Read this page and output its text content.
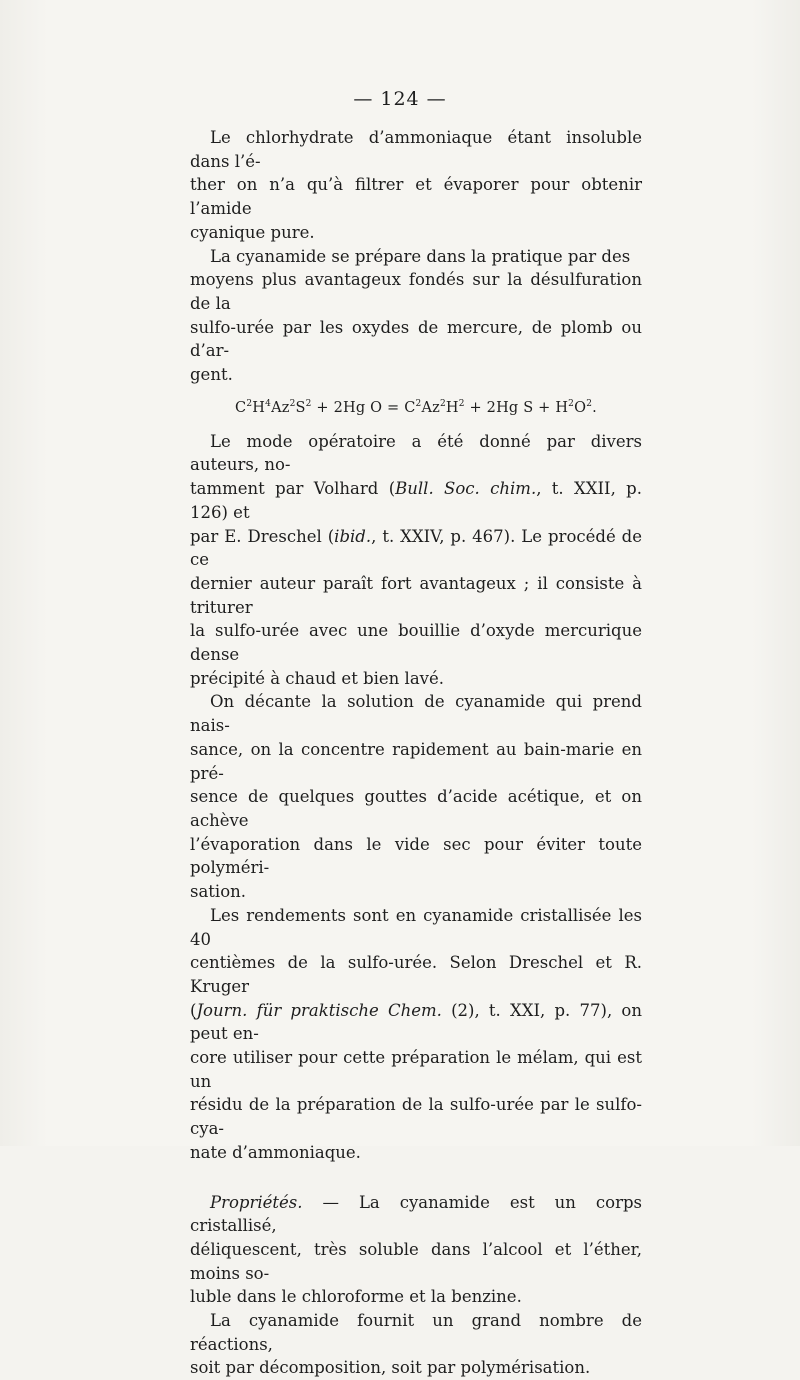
— 124 —
Le chlorhydrate d’ammoniaque étant insoluble dans l’é-
ther on n’a qu’à filtrer et évaporer pour obtenir l’amide
cyanique pure.
La cyanamide se prépare dans la pratique par des
moyens plus avantageux fondés sur la désulfuration de la
sulfo-urée par les oxydes de mercure, de plomb ou d’ar-
gent.
$C^2H^4Az^2S^2 + 2Hg$ $O = C^2Az^2H^2 + 2Hg$ $S + H^2O^2$.
Le mode opératoire a été donné par divers auteurs, no-
tamment par Volhard (Bull. Soc. chim., t. XXII, p. 126) et
par E. Dreschel (ibid., t. XXIV, p. 467). Le procédé de ce
dernier auteur paraît fort avantageux ; il consiste à triturer
la sulfo-urée avec une bouillie d’oxyde mercurique dense
précipité à chaud et bien lavé.
On décante la solution de cyanamide qui prend nais-
sance, on la concentre rapidement au bain-marie en pré-
sence de quelques gouttes d’acide acétique, et on achève
l’évaporation dans le vide sec pour éviter toute polyméri-
sation.
Les rendements sont en cyanamide cristallisée les 40
centièmes de la sulfo-urée. Selon Dreschel et R. Kruger
(Journ. für praktische Chem. (2), t. XXI, p. 77), on peut en-
core utiliser pour cette préparation le mélam, qui est un
résidu de la préparation de la sulfo-urée par le sulfo-cya-
nate d’ammoniaque.
Propriétés. — La cyanamide est un corps cristallisé,
déliquescent, très soluble dans l’alcool et l’éther, moins so-
luble dans le chloroforme et la benzine.
La cyanamide fournit un grand nombre de réactions,
soit par décomposition, soit par polymérisation.
